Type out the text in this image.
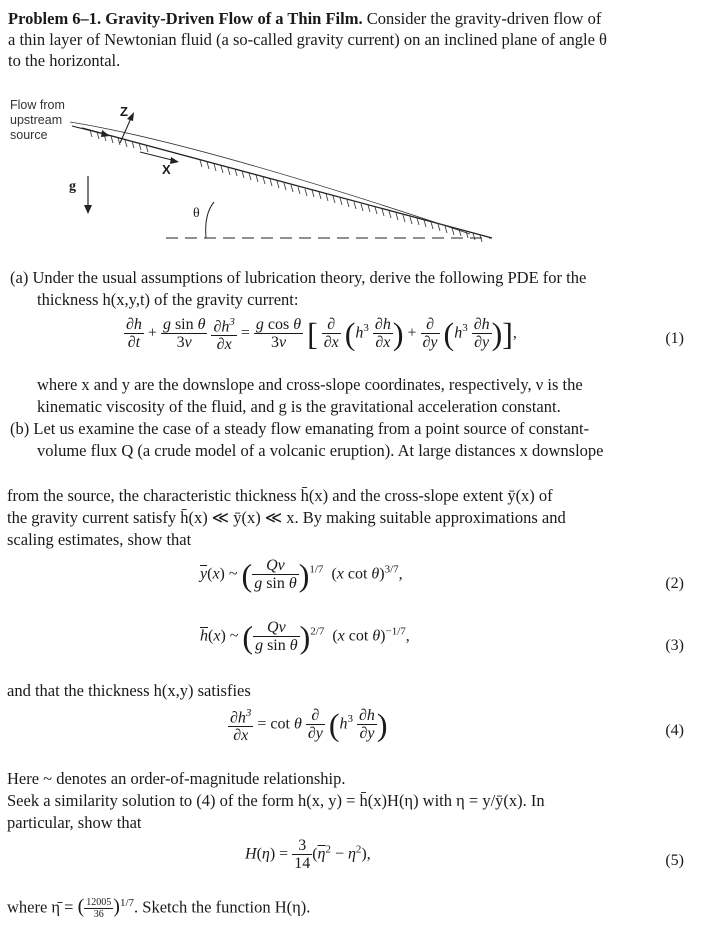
Problem 6–1. Gravity-Driven Flow of a Thin Film. Consider the gravity-driven flow of
a thin layer of Newtonian fluid (a so-called gravity current) on an inclined plane of angle θ
to the horizontal.
Flow from
upstream
source
Z
X
g
θ
(a) Under the usual assumptions of lubrication theory, derive the following PDE for the
thickness h(x,y,t) of the gravity current:
$\frac{\partial h}{\partial t} + \frac{\text{g sin θ}}{3\nu}$
$\frac{\partial h^3}{\partial x} = \frac{\text{g cos θ}}{3\nu}$ [ $\frac{\partial}{\partial x} (h^3 \frac{\partial h}{\partial x}$ ) + $\frac{\partial}{\partial y} (h^3 \frac{\partial h}{\partial y}$ )],	(1)
where x and y are the downslope and cross-slope coordinates, respectively, ν is the
kinematic viscosity of the fluid, and g is the gravitational acceleration constant.
(b) Let us examine the case of a steady flow emanating from a point source of constant-
volume flux Q (a crude model of a volcanic eruption). At large distances x downslope
from the source, the characteristic thickness h̄(x) and the cross-slope extent ȳ(x) of
the gravity current satisfy h̄(x) ≪ ȳ(x) ≪ x. By making suitable approximations and
scaling estimates, show that
$\overline{y}(x)$ ~ ( $\frac{Q\nu}{\text{g sin θ}} )^{1/7}$  (x cot θ)$^{3/7}$,
(2)
$\overline{h}(x)$ ~ ( $\frac{Q\nu}{\text{g sin θ}} )^{2/7}$  (x cot θ)$^{-1/7}$,
(3)
and that the thickness h(x,y) satisfies
$\frac{\partial h^3}{\partial x} = \cot \theta \frac{\partial}{\partial y} (h^3 \frac{\partial h}{\partial y}$ )	(4)
Here ~ denotes an order-of-magnitude relationship.
Seek a similarity solution to (4) of the form h(x, y) = h̄(x)H(η) with η = y/ȳ(x). In
particular, show that
$H(\eta) = \frac{3}{14} (\overline{\eta}^2 - \eta^2)$,	(5)
where η̄ = ( $\frac{12005}{36} )^{1/7}$. Sketch the function H(η).
